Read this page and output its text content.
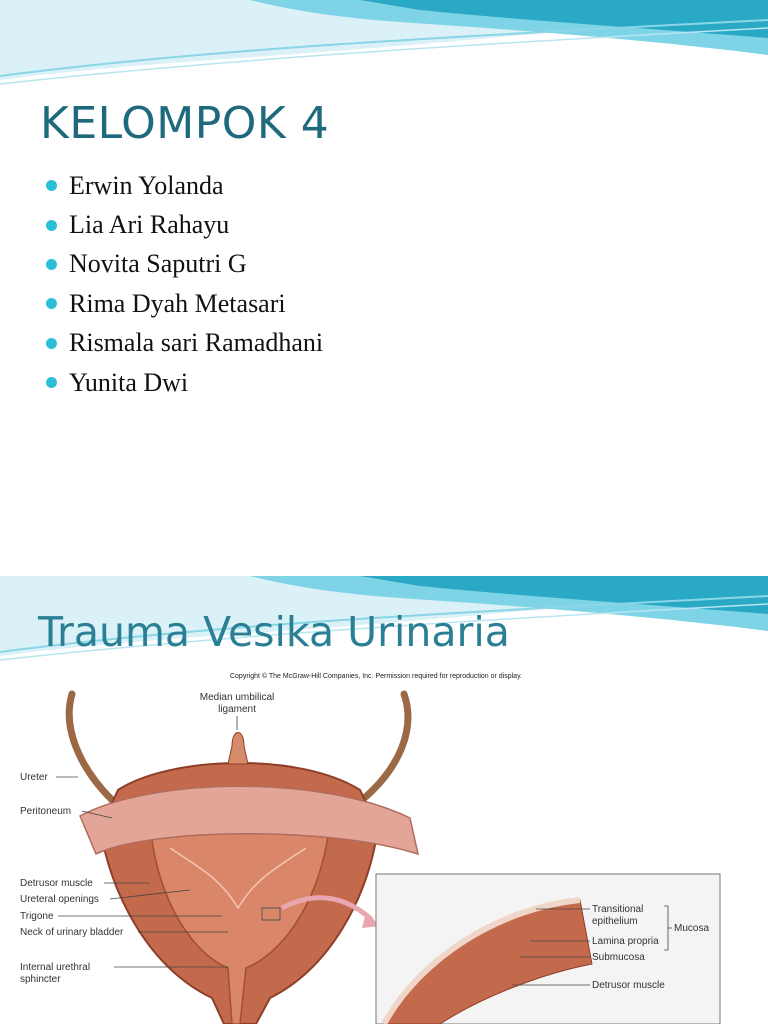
KELOMPOK 4
Erwin Yolanda
Lia Ari Rahayu
Novita Saputri G
Rima Dyah Metasari
Rismala sari Ramadhani
Yunita Dwi
Trauma Vesika Urinaria
Copyright © The McGraw-Hill Companies, Inc. Permission required for reproduction or display.
Median umbilical
ligament
Ureter
Peritoneum
Detrusor muscle
Ureteral openings
Trigone
Neck of urinary bladder
Internal urethral
sphincter
Transitional
epithelium
Lamina propria
Submucosa
Detrusor muscle
Mucosa
